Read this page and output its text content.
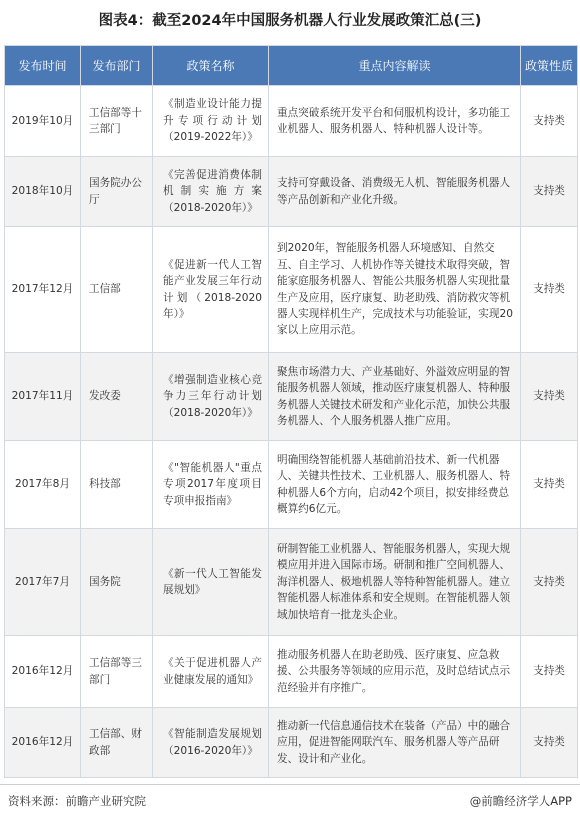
图表4：截至2024年中国服务机器人行业发展政策汇总(三)
发布时间	发布部门	政策名称	重点内容解读	政策性质
2019年10月	工信部等十三部门	《制造业设计能力提升专项行动计划（2019-2022年）》	重点突破系统开发平台和伺服机构设计，多功能工业机器人、服务机器人、特种机器人设计等。	支持类
2018年10月	国务院办公厅	《完善促进消费体制机制实施方案（2018-2020年）》	支持可穿戴设备、消费级无人机、智能服务机器人等产品创新和产业化升级。	支持类
2017年12月	工信部	《促进新一代人工智能产业发展三年行动计划（2018-2020年）》	到2020年，智能服务机器人环境感知、自然交互、自主学习、人机协作等关键技术取得突破，智能家庭服务机器人、智能公共服务机器人实现批量生产及应用，医疗康复、助老助残、消防救灾等机器人实现样机生产，完成技术与功能验证，实现20家以上应用示范。	支持类
2017年11月	发改委	《增强制造业核心竞争力三年行动计划（2018-2020年）》	聚焦市场潜力大、产业基础好、外溢效应明显的智能服务机器人领域，推动医疗康复机器人、特种服务机器人关键技术研发和产业化示范，加快公共服务机器人、个人服务机器人推广应用。	支持类
2017年8月	科技部	《"智能机器人"重点专项2017年度项目专项申报指南》	明确围绕智能机器人基础前沿技术、新一代机器人、关键共性技术、工业机器人、服务机器人、特种机器人6个方向，启动42个项目，拟安排经费总概算约6亿元。	支持类
2017年7月	国务院	《新一代人工智能发展规划》	研制智能工业机器人、智能服务机器人，实现大规模应用并进入国际市场。研制和推广空间机器人、海洋机器人、极地机器人等特种智能机器人。建立智能机器人标准体系和安全规则。在智能机器人领域加快培育一批龙头企业。	支持类
2016年12月	工信部等三部门	《关于促进机器人产业健康发展的通知》	推动服务机器人在助老助残、医疗康复、应急救援、公共服务等领域的应用示范，及时总结试点示范经验并有序推广。	支持类
2016年12月	工信部、财政部	《智能制造发展规划（2016-2020年）》	推动新一代信息通信技术在装备（产品）中的融合应用，促进智能网联汽车、服务机器人等产品研发、设计和产业化。	支持类
资料来源：前瞻产业研究院	@前瞻经济学人APP
